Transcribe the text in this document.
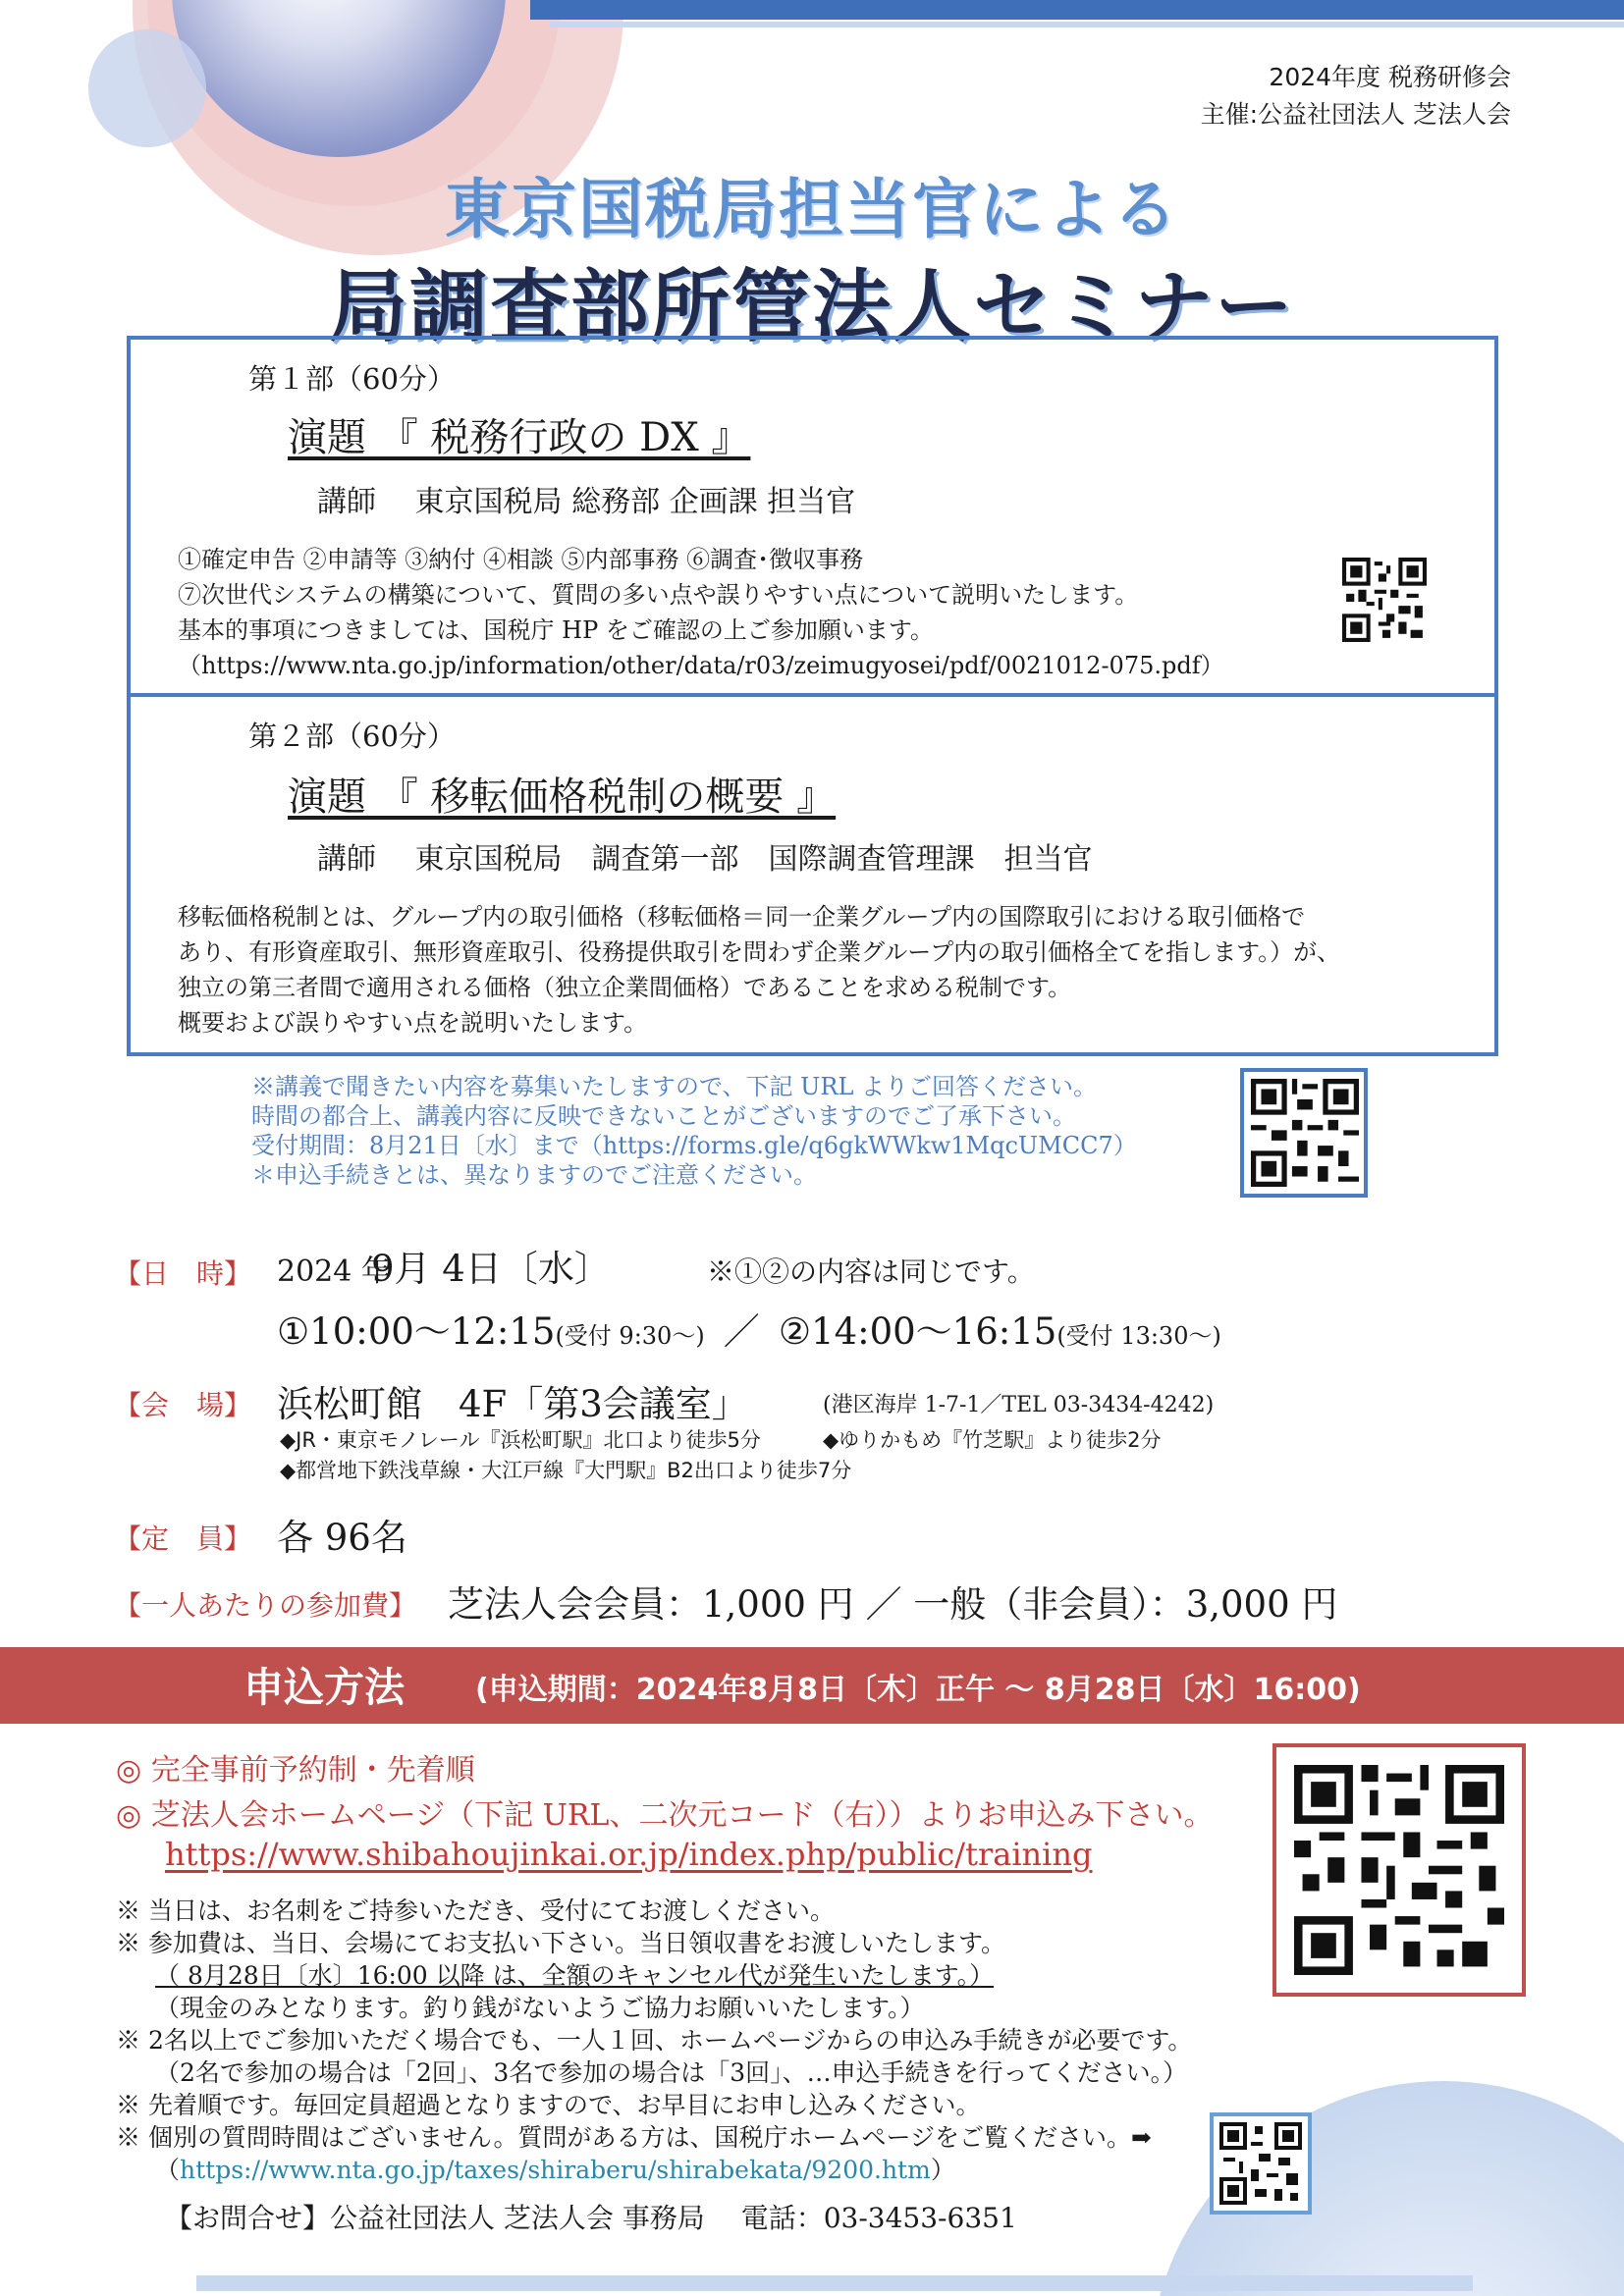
2024年度 税務研修会
主催:公益社団法人 芝法人会
東京国税局担当官による
局調査部所管法人セミナー
第１部（60分）
演題 『 税務行政の DX 』
講師　 東京国税局 総務部 企画課 担当官
①確定申告 ②申請等 ③納付 ④相談 ⑤内部事務 ⑥調査･徴収事務
⑦次世代システムの構築について、質問の多い点や誤りやすい点について説明いたします。
基本的事項につきましては、国税庁 HP をご確認の上ご参加願います。
（https://www.nta.go.jp/information/other/data/r03/zeimugyosei/pdf/0021012-075.pdf）
第２部（60分）
演題 『 移転価格税制の概要 』
講師　 東京国税局　調査第一部　国際調査管理課　担当官
移転価格税制とは、グループ内の取引価格（移転価格＝同一企業グループ内の国際取引における取引価格で
あり、有形資産取引、無形資産取引、役務提供取引を問わず企業グループ内の取引価格全てを指します。）が、
独立の第三者間で適用される価格（独立企業間価格）であることを求める税制です。
概要および誤りやすい点を説明いたします。
※講義で聞きたい内容を募集いたしますので、下記 URL よりご回答ください。
時間の都合上、講義内容に反映できないことがございますのでご了承下さい。
受付期間：8月21日〔水〕まで（https://forms.gle/q6gkWWkw1MqcUMCC7）
＊申込手続きとは、異なりますのでご注意ください。
【日　時】 2024 年
9月 4日〔水〕	※①②の内容は同じです。
①10:00～12:15(受付 9:30～) ／ ②14:00～16:15(受付 13:30～)
【会　場】 浜松町館　4F「第3会議室」	(港区海岸 1-7-1／TEL 03-3434-4242)
◆JR・東京モノレール『浜松町駅』北口より徒歩5分	◆ゆりかもめ『竹芝駅』より徒歩2分
◆都営地下鉄浅草線・大江戸線『大門駅』B2出口より徒歩7分
【定　員】 各 96名
【一人あたりの参加費】 芝法人会会員：1,000 円 ／ 一般（非会員）：3,000 円
申込方法 (申込期間：2024年8月8日〔木〕正午 ～ 8月28日〔水〕16:00)
◎ 完全事前予約制・先着順
◎ 芝法人会ホームページ（下記 URL、二次元コード（右））よりお申込み下さい。
https://www.shibahoujinkai.or.jp/index.php/public/training
※ 当日は、お名刺をご持参いただき、受付にてお渡しください。
※ 参加費は、当日、会場にてお支払い下さい。当日領収書をお渡しいたします。
（ 8月28日〔水〕16:00 以降 は、全額のキャンセル代が発生いたします。）
（現金のみとなります。釣り銭がないようご協力お願いいたします。）
※ 2名以上でご参加いただく場合でも、一人１回、ホームページからの申込み手続きが必要です。
（2名で参加の場合は「2回」、3名で参加の場合は「3回」、…申込手続きを行ってください。）
※ 先着順です。毎回定員超過となりますので、お早目にお申し込みください。
※ 個別の質問時間はございません。質問がある方は、国税庁ホームページをご覧ください。➡
（https://www.nta.go.jp/taxes/shiraberu/shirabekata/9200.htm）
【お問合せ】公益社団法人 芝法人会 事務局　 電話：03-3453-6351
